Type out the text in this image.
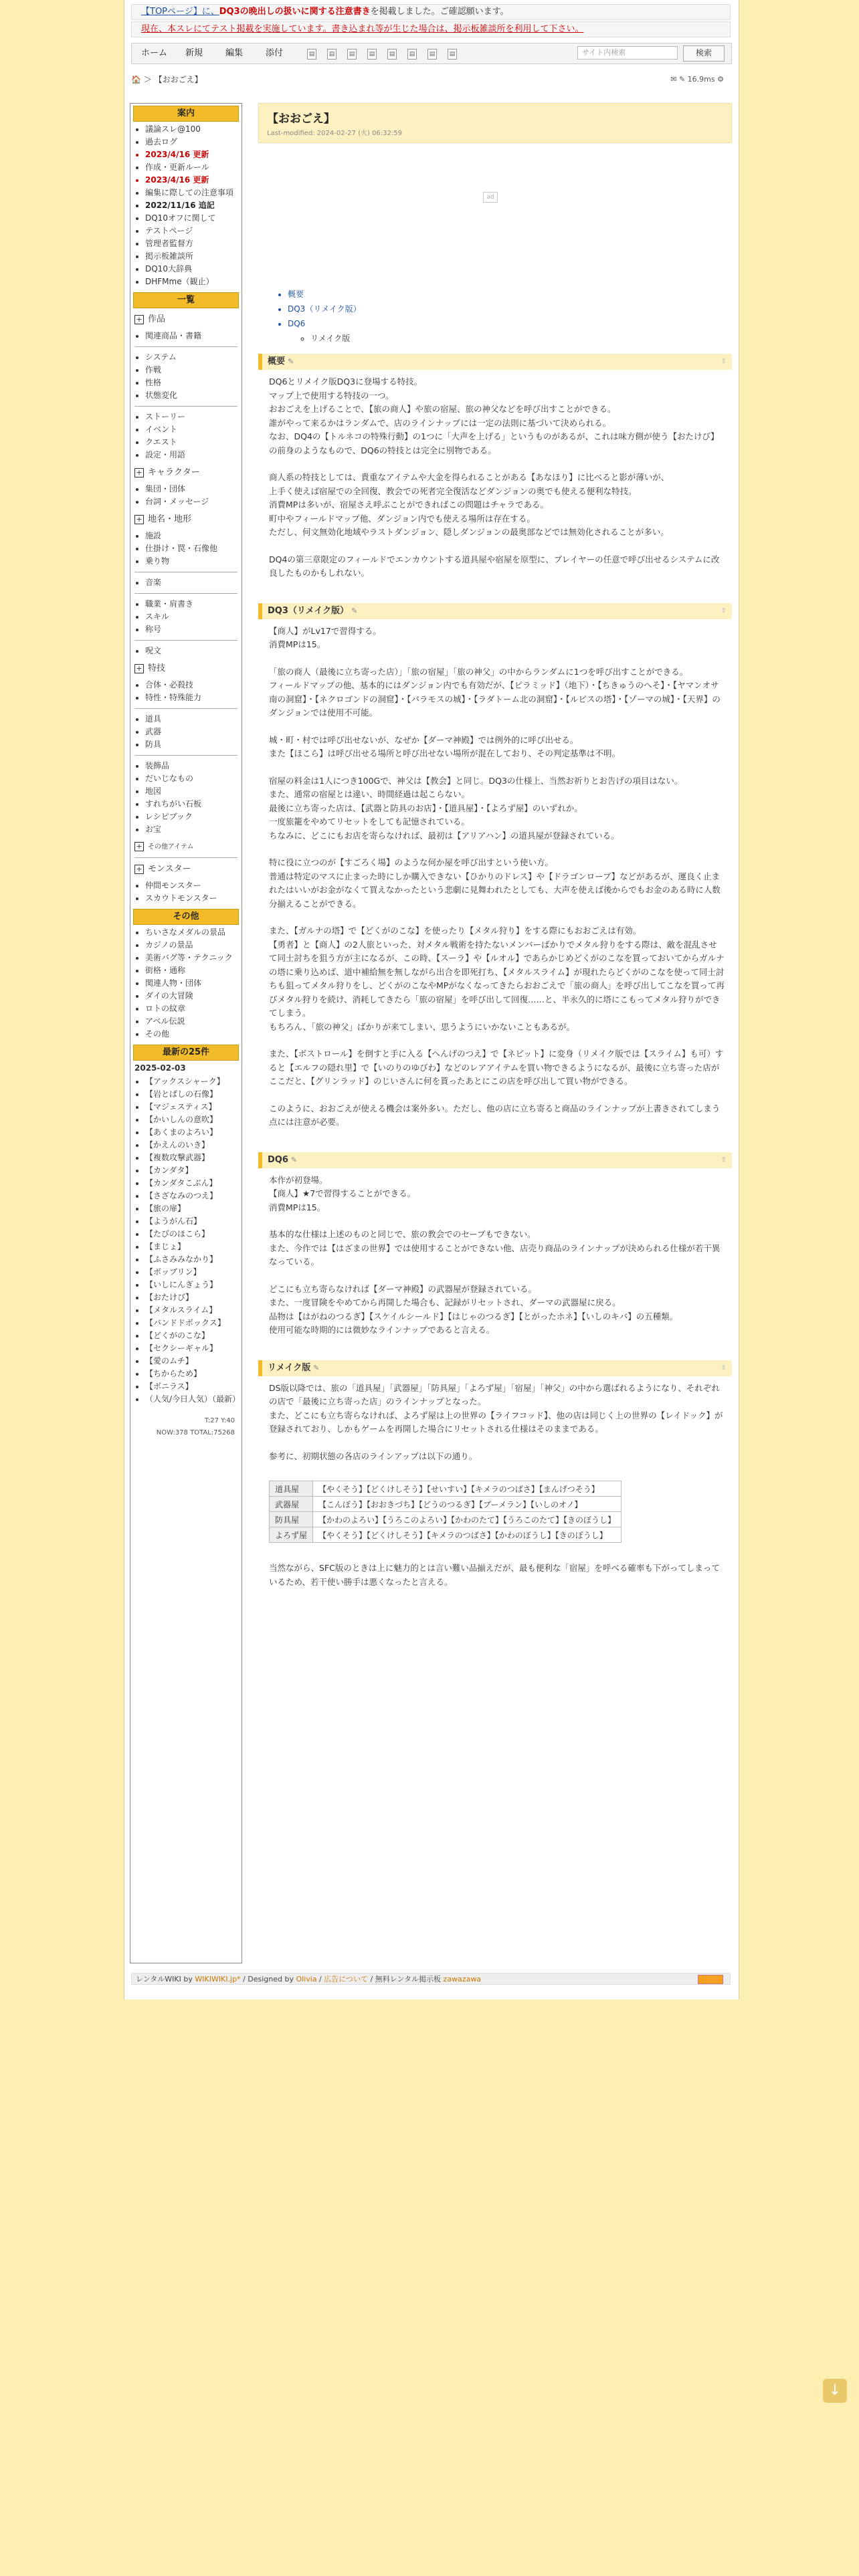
【TOPページ】に、DQ3の晩出しの扱いに関する注意書きを掲載しました。ご確認願います。
現在、本スレにてテスト掲載を実施しています。書き込まれ等が生じた場合は、掲示板雑談所を利用して下さい。
ホーム 新規	編集	添付	▤	▤	▤	▤	▤	▤	▤	▤	サイト内検索	検索
🏠 ＞ 【おおごえ】	✉ ✎ 16.9ms ⚙
案内
• 議論スレ@100
• 過去ログ
• 2023/4/16 更新
• 作成・更新ルール
• 2023/4/16 更新
• 編集に際しての注意事項
• 2022/11/16 追記
• DQ10オフに関して
• テストページ
• 管理者監督方
• 掲示板雑談所
• DQ10大辞典
• DHFMme（観止）
一覧
+ 作品
• 関連商品・書籍
• システム
• 作戦
• 性格
• 状態変化
• ストーリー
• イベント
• クエスト
• 設定・用語
+ キャラクター
• 集団・団体
• 台詞・メッセージ
+ 地名・地形
• 施設
• 仕掛け・罠・石像他
• 乗り物
• 音楽
• 職業・肩書き
• スキル
• 称号
• 呪文
+ 特技
• 合体・必殺技
• 特性・特殊能力
• 道具
• 武器
• 防具
• 装飾品
• だいじなもの
• 地図
• すれちがい石板
• レシピブック
• お宝
+ その他アイテム
+ モンスター
• 仲間モンスター
• スカウトモンスター
その他
• ちいさなメダルの景品
• カジノの景品
• 美術バグ等・テクニック
• 街格・通称
• 関連人物・団体
• ダイの大冒険
• ロトの紋章
• アベル伝説
• その他
最新の25件
2025-02-03
• 【アックスシャーク】
• 【岩とばしの石像】
• 【マジェスティス】
• 【かいしんの意吹】
• 【あくまのよろい】
• 【かえんのいき】
• 【複数攻撃武器】
• 【カンダタ】
• 【カンダタこぶん】
• 【さざなみのつえ】
• 【旅の扉】
• 【ようがん石】
• 【たびのほこら】
• 【まじょ】
• 【ふさみみなかり】
• 【ボッブリン】
• 【いしにんぎょう】
• 【おたけび】
• 【メタルスライム】
• 【バンドドボックス】
• 【どくがのこな】
• 【セクシーギャル】
• 【愛のムチ】
• 【ちからため】
• 【ボニラス】
• （人気/今日人気）（最新）
T:27 Y:40
NOW:378 TOTAL:75268
【おおごえ】
Last-modified: 2024-02-27 (火) 06:32:59
ad
• 概要
• DQ3（リメイク版）
• DQ6
◦ リメイク版
概要 ✎	⇧

DQ6とリメイク版DQ3に登場する特技。
マップ上で使用する特技の一つ。
おおごえを上げることで、【旅の商人】や旅の宿屋、旅の神父などを呼び出すことができる。
誰がやって来るかはランダムで、店のラインナップには一定の法則に基づいて決められる。
なお、DQ4の【トルネコの特殊行動】の1つに「大声を上げる」というものがあるが、これは味方側が使う【おたけび】の前身のようなもので、DQ6の特技とは完全に別物である。

商人系の特技としては、貴重なアイテムや大金を得られることがある【あなほり】に比べると影が薄いが、
上手く使えば宿屋での全回復、教会での死者完全復活などダンジョンの奥でも使える便利な特技。
消費MPは多いが、宿屋さえ呼ぶことができればこの問題はチャラである。
町中やフィールドマップ他、ダンジョン内でも使える場所は存在する。
ただし、何文無効化地域やラストダンジョン、隠しダンジョンの最奥部などでは無効化されることが多い。

DQ4の第三章限定のフィールドでエンカウントする道具屋や宿屋を原型に、プレイヤーの任意で呼び出せるシステムに改良したものかもしれない。

DQ3（リメイク版） ✎	⇧

【商人】がLv17で習得する。
消費MPは15。

「旅の商人（最後に立ち寄った店）」「旅の宿屋」「旅の神父」の中からランダムに1つを呼び出すことができる。
フィールドマップの他、基本的にはダンジョン内でも有効だが、【ピラミッド】（地下）・【ちきゅうのへそ】・【ヤマンオサ南の洞窟】・【ネクロゴンドの洞窟】・【バラモスの城】・【ラダトーム北の洞窟】・【ルビスの塔】・【ゾーマの城】・【天界】のダンジョンでは使用不可能。

城・町・村では呼び出せないが、なぜか【ダーマ神殿】では例外的に呼び出せる。
また【ほこら】は呼び出せる場所と呼び出せない場所が混在しており、その判定基準は不明。

宿屋の料金は1人につき100Gで、神父は【教会】と同じ。DQ3の仕様上、当然お祈りとお告げの項目はない。
また、通常の宿屋とは違い、時間経過は起こらない。
最後に立ち寄った店は、【武器と防具のお店】・【道具屋】・【よろず屋】のいずれか。
一度旅籠をやめてリセットをしても記憶されている。
ちなみに、どこにもお店を寄らなければ、最初は【アリアハン】の道具屋が登録されている。

特に役に立つのが【すごろく場】のような何か屋を呼び出すという使い方。
普通は特定のマスに止まった時にしか購入できない【ひかりのドレス】や【ドラゴンローブ】などがあるが、運良く止まれたはいいがお金がなくて買えなかったという悲劇に見舞われたとしても、大声を使えば後からでもお金のある時に人数分揃えることができる。

また、【ガルナの塔】で【どくがのこな】を使ったり【メタル狩り】をする際にもおおごえは有効。
【勇者】と【商人】の2人旅といった、対メタル戦術を持たないメンバーばかりでメタル狩りをする際は、敵を混乱させて同士討ちを狙う方が主になるが、この時、【スーラ】や【ルオル】であらかじめどくがのこなを買っておいてからガルナの塔に乗り込めば、道中補給無を無しながら出合を即死打ち、【メタルスライム】が現れたらどくがのこなを使って同士討ちも狙ってメタル狩りをし、どくがのこなやMPがなくなってきたらおおごえで「旅の商人」を呼び出してこなを買って再びメタル狩りを続け、消耗してきたら「旅の宿屋」を呼び出して回復……と、半永久的に塔にこもってメタル狩りができてしまう。
もちろん、「旅の神父」ばかりが来てしまい、思うようにいかないこともあるが。

また、【ボストロール】を倒すと手に入る【へんげのつえ】で【ネビット】に変身（リメイク版では【スライム】も可）すると【エルフの隠れ里】で【いのりのゆびわ】などのレアアイテムを買い物できるようになるが、最後に立ち寄った店がここだと、【グリンラッド】のじいさんに何を貰ったあとにこの店を呼び出して買い物ができる。

このように、おおごえが使える機会は案外多い。ただし、他の店に立ち寄ると商品のラインナップが上書きされてしまう点には注意が必要。

DQ6 ✎	⇧

本作が初登場。
【商人】★7で習得することができる。
消費MPは15。

基本的な仕様は上述のものと同じで、旅の教会でのセーブもできない。
また、今作では【はざまの世界】では使用することができない他、店売り商品のラインナップが決められる仕様が若干異なっている。

どこにも立ち寄らなければ【ダーマ神殿】の武器屋が登録されている。
また、一度冒険をやめてから再開した場合も、記録がリセットされ、ダーマの武器屋に戻る。
品物は【はがねのつるぎ】【スケイルシールド】【はじゃのつるぎ】【とがったホネ】【いしのキバ】の五種類。
使用可能な時期的には微妙なラインナップであると言える。

リメイク版 ✎	⇧

DS版以降では、旅の「道具屋」「武器屋」「防具屋」「よろず屋」「宿屋」「神父」の中から選ばれるようになり、それぞれの店で「最後に立ち寄った店」のラインナップとなった。
また、どこにも立ち寄らなければ、よろず屋は上の世界の【ライフコッド】、他の店は同じく上の世界の【レイドック】が登録されており、しかもゲームを再開した場合にリセットされる仕様はそのままである。

参考に、初期状態の各店のラインアップは以下の通り。

道具屋	【やくそう】【どくけしそう】【せいすい】【キメラのつばさ】【まんげつそう】
武器屋	【こんぼう】【おおきづち】【どうのつるぎ】【ブーメラン】【いしのオノ】
防具屋	【かわのよろい】【うろこのよろい】【かわのたて】【うろこのたて】【きのぼうし】
よろず屋	【やくそう】【どくけしそう】【キメラのつばさ】【かわのぼうし】【きのぼうし】
当然ながら、SFC版のときは上に魅力的とは言い難い品揃えだが、最も便利な「宿屋」を呼べる確率も下がってしまっているため、若干使い勝手は悪くなったと言える。
レンタルWIKI by WIKIWIKI.jp* / Designed by Olivia / 広告について / 無料レンタル掲示板 zawazawa
↓
